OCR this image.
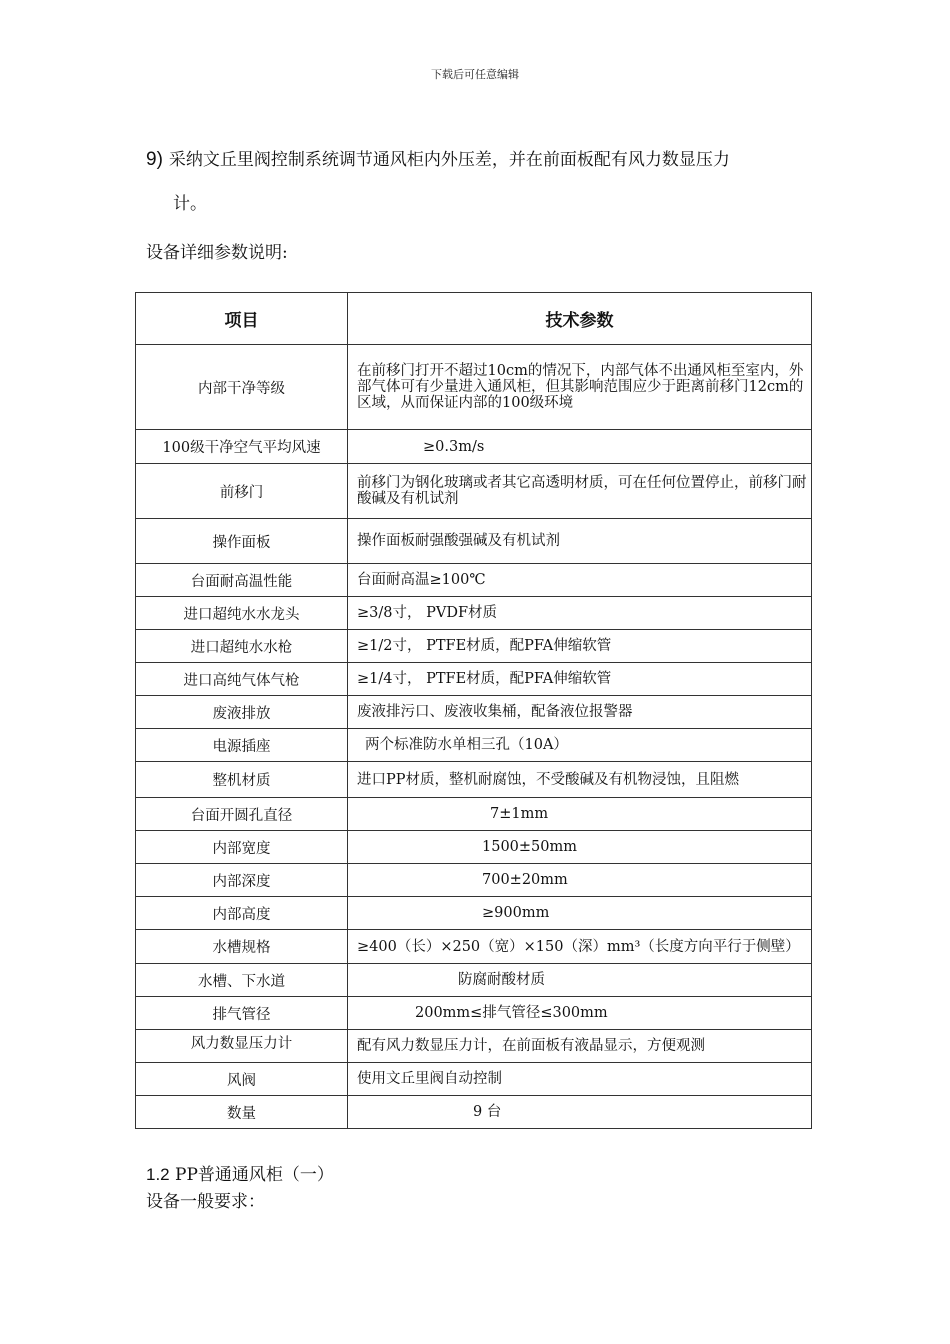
下载后可任意编辑
9) 采纳文丘里阀控制系统调节通风柜内外压差，并在前面板配有风力数显压力
计。
设备详细参数说明:
项目	技术参数
内部干净等级	在前移门打开不超过10cm的情况下，内部气体不出通风柜至室内，外部气体可有少量进入通风柜，但其影响范围应少于距离前移门12cm的区域，从而保证内部的100级环境
100级干净空气平均风速	≥0.3m/s
前移门	前移门为钢化玻璃或者其它高透明材质，可在任何位置停止，前移门耐酸碱及有机试剂
操作面板	操作面板耐强酸强碱及有机试剂
台面耐高温性能	台面耐高温≥100℃
进口超纯水水龙头	≥3/8寸， PVDF材质
进口超纯水水枪	≥1/2寸， PTFE材质，配PFA伸缩软管
进口高纯气体气枪	≥1/4寸， PTFE材质，配PFA伸缩软管
废液排放	废液排污口、废液收集桶，配备液位报警器
电源插座	两个标准防水单相三孔（10A）
整机材质	进口PP材质，整机耐腐蚀，不受酸碱及有机物浸蚀，且阻燃
台面开圆孔直径	7±1mm
内部宽度	1500±50mm
内部深度	700±20mm
内部高度	≥900mm
水槽规格	≥400（长）×250（宽）×150（深）mm³（长度方向平行于侧壁）
水槽、下水道	防腐耐酸材质
排气管径	200mm≤排气管径≤300mm
风力数显压力计	配有风力数显压力计，在前面板有液晶显示，方便观测
风阀	使用文丘里阀自动控制
数量	9 台
1.2 PP普通通风柜（一）
设备一般要求：
